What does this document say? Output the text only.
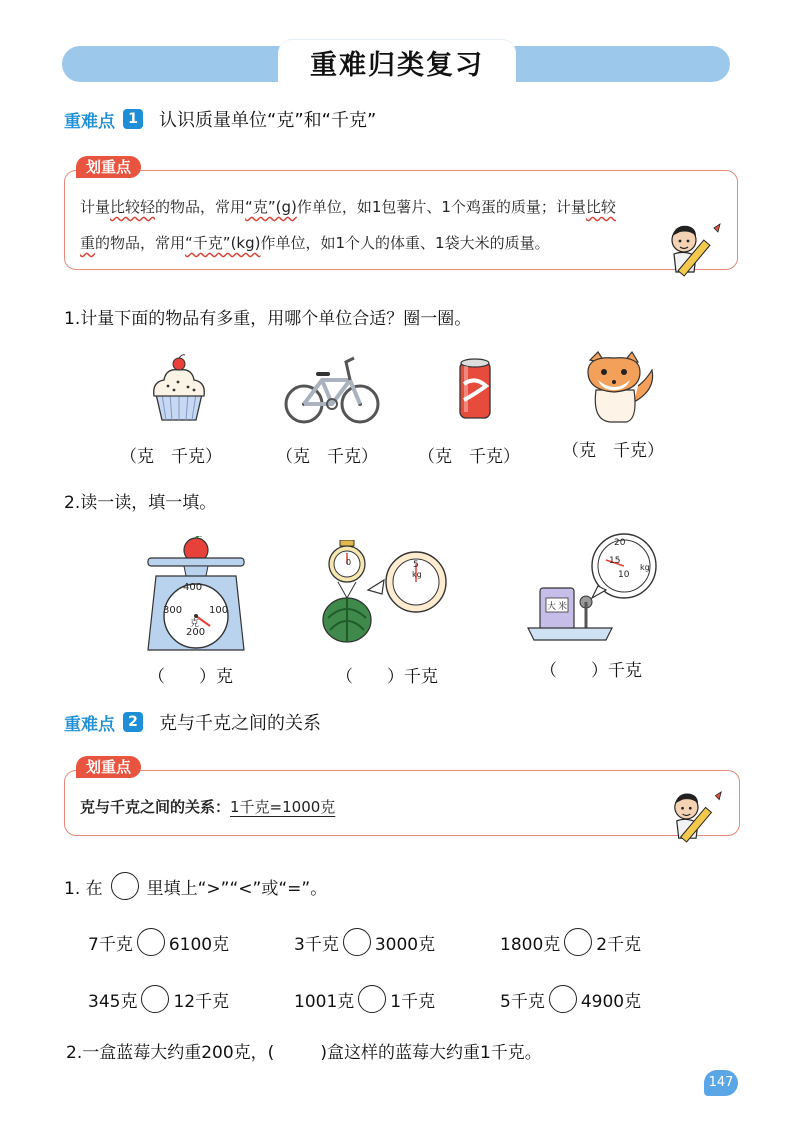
重难归类复习
重难点 1 认识质量单位“克”和“千克”
划重点
计量比较轻的物品，常用“克”(g)作单位，如1包薯片、1个鸡蛋的质量；计量比较
重的物品，常用“千克”(kg)作单位，如1个人的体重、1袋大米的质量。
1.计量下面的物品有多重，用哪个单位合适？圈一圈。
（克　千克）	（克　千克） （克　千克） （克　千克）
2.读一读，填一填。
400
300	100
200
克
（　　）克
0	5
kg
（　　）千克
20
15
10
kg
大米
（　　）千克
重难点 2 克与千克之间的关系
划重点
克与千克之间的关系：1千克=1000克
1. 在	里填上“>”“<”或“=”。
7千克 6100克	3千克 3000克	1800克 2千克
345克 12千克	1001克 1千克	5千克 4900克
2.一盒蓝莓大约重200克，(	)盒这样的蓝莓大约重1千克。
147
